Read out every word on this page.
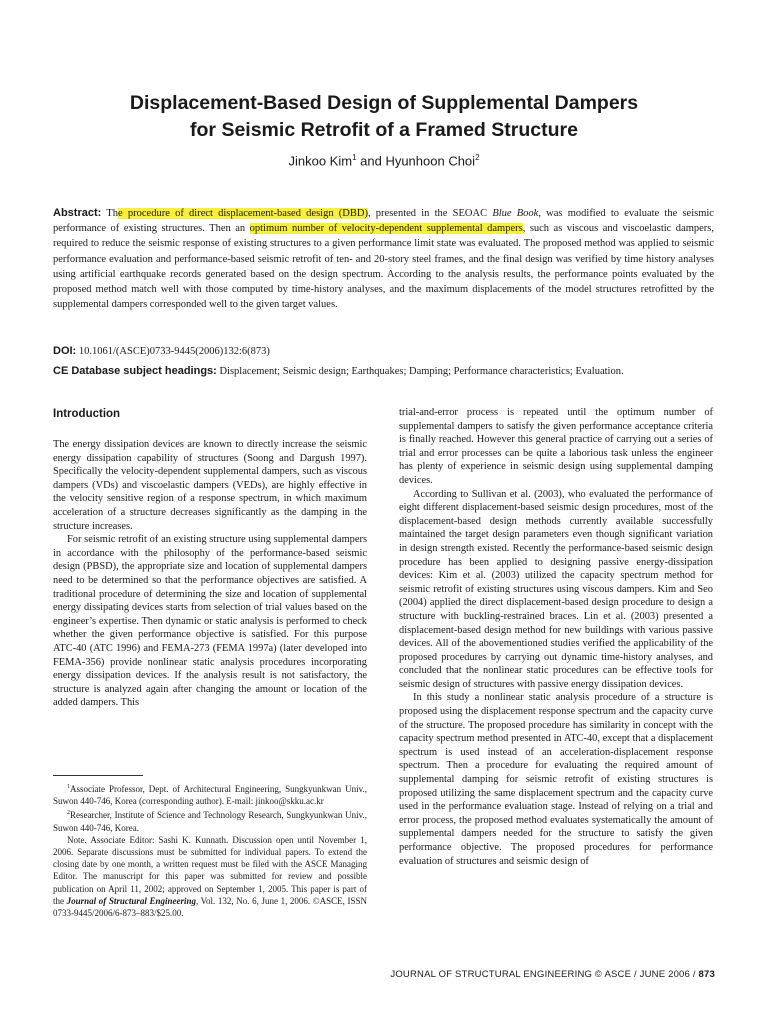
Displacement-Based Design of Supplemental Dampers
for Seismic Retrofit of a Framed Structure
Jinkoo Kim$^1$ and Hyunhoon Choi$^2$
Abstract: The procedure of direct displacement-based design (DBD), presented in the SEOAC Blue Book, was modified to evaluate the seismic performance of existing structures. Then an optimum number of velocity-dependent supplemental dampers, such as viscous and viscoelastic dampers, required to reduce the seismic response of existing structures to a given performance limit state was evaluated. The proposed method was applied to seismic performance evaluation and performance-based seismic retrofit of ten- and 20-story steel frames, and the final design was verified by time history analyses using artificial earthquake records generated based on the design spectrum. According to the analysis results, the performance points evaluated by the proposed method match well with those computed by time-history analyses, and the maximum displacements of the model structures retrofitted by the supplemental dampers corresponded well to the given target values.
DOI: 10.1061/(ASCE)0733-9445(2006)132:6(873)
CE Database subject headings: Displacement; Seismic design; Earthquakes; Damping; Performance characteristics; Evaluation.
Introduction

The energy dissipation devices are known to directly increase the seismic energy dissipation capability of structures (Soong and Dargush 1997). Specifically the velocity-dependent supplemental dampers, such as viscous dampers (VDs) and viscoelastic dampers (VEDs), are highly effective in the velocity sensitive region of a response spectrum, in which maximum acceleration of a structure decreases significantly as the damping in the structure increases.

For seismic retrofit of an existing structure using supplemental dampers in accordance with the philosophy of the performance-based seismic design (PBSD), the appropriate size and location of supplemental dampers need to be determined so that the performance objectives are satisfied. A traditional procedure of determining the size and location of supplemental energy dissipating devices starts from selection of trial values based on the engineer’s expertise. Then dynamic or static analysis is performed to check whether the given performance objective is satisfied. For this purpose ATC-40 (ATC 1996) and FEMA-273 (FEMA 1997a) (later developed into FEMA-356) provide nonlinear static analysis procedures incorporating energy dissipation devices. If the analysis result is not satisfactory, the structure is analyzed again after changing the amount or location of the added dampers. This

$^1$Associate Professor, Dept. of Architectural Engineering, Sungkyunkwan Univ., Suwon 440-746, Korea (corresponding author). E-mail: jinkoo@skku.ac.kr

$^2$Researcher, Institute of Science and Technology Research, Sungkyunkwan Univ., Suwon 440-746, Korea.

Note. Associate Editor: Sashi K. Kunnath. Discussion open until November 1, 2006. Separate discussions must be submitted for individual papers. To extend the closing date by one month, a written request must be filed with the ASCE Managing Editor. The manuscript for this paper was submitted for review and possible publication on April 11, 2002; approved on September 1, 2005. This paper is part of the Journal of Structural Engineering, Vol. 132, No. 6, June 1, 2006. ©ASCE, ISSN 0733-9445/2006/6-873–883/$25.00.

trial-and-error process is repeated until the optimum number of supplemental dampers to satisfy the given performance acceptance criteria is finally reached. However this general practice of carrying out a series of trial and error processes can be quite a laborious task unless the engineer has plenty of experience in seismic design using supplemental damping devices.

According to Sullivan et al. (2003), who evaluated the performance of eight different displacement-based seismic design procedures, most of the displacement-based design methods currently available successfully maintained the target design parameters even though significant variation in design strength existed. Recently the performance-based seismic design procedure has been applied to designing passive energy-dissipation devices: Kim et al. (2003) utilized the capacity spectrum method for seismic retrofit of existing structures using viscous dampers. Kim and Seo (2004) applied the direct displacement-based design procedure to design a structure with buckling-restrained braces. Lin et al. (2003) presented a displacement-based design method for new buildings with various passive devices. All of the abovementioned studies verified the applicability of the proposed procedures by carrying out dynamic time-history analyses, and concluded that the nonlinear static procedures can be effective tools for seismic design of structures with passive energy dissipation devices.

In this study a nonlinear static analysis procedure of a structure is proposed using the displacement response spectrum and the capacity curve of the structure. The proposed procedure has similarity in concept with the capacity spectrum method presented in ATC-40, except that a displacement spectrum is used instead of an acceleration-displacement response spectrum. Then a procedure for evaluating the required amount of supplemental damping for seismic retrofit of existing structures is proposed utilizing the same displacement spectrum and the capacity curve used in the performance evaluation stage. Instead of relying on a trial and error process, the proposed method evaluates systematically the amount of supplemental dampers needed for the structure to satisfy the given performance objective. The proposed procedures for performance evaluation of structures and seismic design of

JOURNAL OF STRUCTURAL ENGINEERING © ASCE / JUNE 2006 / 873
